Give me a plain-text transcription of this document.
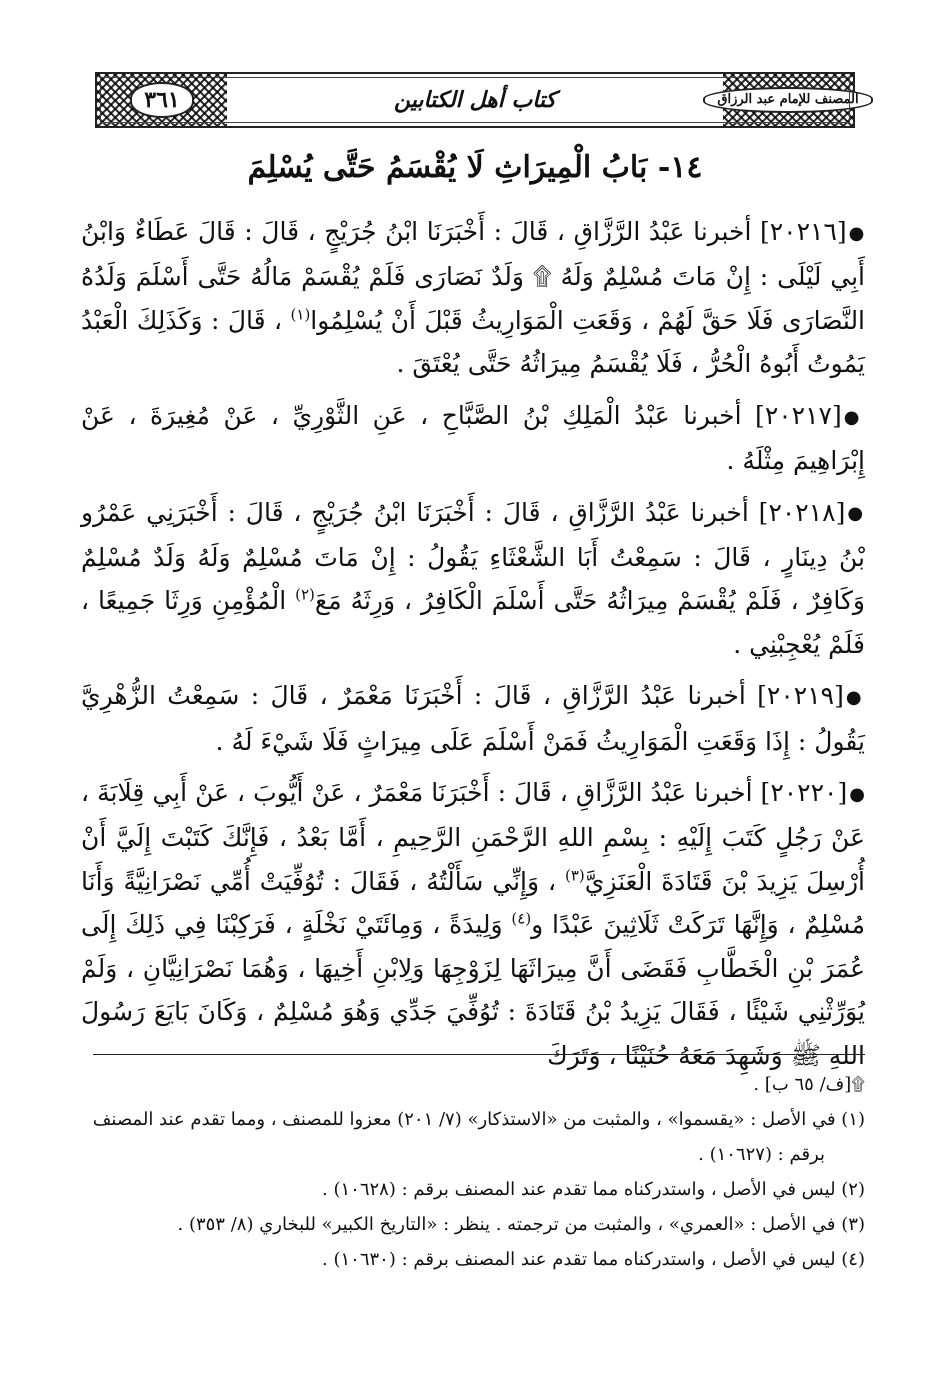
المصنف للإمام عبد الرزاق
كتاب أهل الكتابين
٣٦١
١٤- بَابُ الْمِيرَاثِ لَا يُقْسَمُ حَتَّى يُسْلِمَ

●[٢٠٢١٦] أخبرنا عَبْدُ الرَّزَّاقِ ، قَالَ : أَخْبَرَنَا ابْنُ جُرَيْجٍ ، قَالَ : قَالَ عَطَاءٌ وَابْنُ أَبِي لَيْلَى : إِنْ مَاتَ مُسْلِمٌ وَلَهُ ۩ وَلَدٌ نَصَارَى فَلَمْ يُقْسَمْ مَالُهُ حَتَّى أَسْلَمَ وَلَدُهُ النَّصَارَى فَلَا حَقَّ لَهُمْ ، وَقَعَتِ الْمَوَارِيثُ قَبْلَ أَنْ يُسْلِمُوا$^{(١)}$ ، قَالَ : وَكَذَلِكَ الْعَبْدُ يَمُوتُ أَبُوهُ الْحُرُّ ، فَلَا يُقْسَمُ مِيرَاثُهُ حَتَّى يُعْتَقَ .

●[٢٠٢١٧] أخبرنا عَبْدُ الْمَلِكِ بْنُ الصَّبَّاحِ ، عَنِ الثَّوْرِيِّ ، عَنْ مُغِيرَةَ ، عَنْ إِبْرَاهِيمَ مِثْلَهُ .

●[٢٠٢١٨] أخبرنا عَبْدُ الرَّزَّاقِ ، قَالَ : أَخْبَرَنَا ابْنُ جُرَيْجٍ ، قَالَ : أَخْبَرَنِي عَمْرُو بْنُ دِينَارٍ ، قَالَ : سَمِعْتُ أَبَا الشَّعْثَاءِ يَقُولُ : إِنْ مَاتَ مُسْلِمٌ وَلَهُ وَلَدٌ مُسْلِمٌ وَكَافِرٌ ، فَلَمْ يُقْسَمْ مِيرَاثُهُ حَتَّى أَسْلَمَ الْكَافِرُ ، وَرِثَهُ مَعَ$^{(٢)}$ الْمُؤْمِنِ وَرِثَا جَمِيعًا ، فَلَمْ يُعْجِبْنِي .

●[٢٠٢١٩] أخبرنا عَبْدُ الرَّزَّاقِ ، قَالَ : أَخْبَرَنَا مَعْمَرٌ ، قَالَ : سَمِعْتُ الزُّهْرِيَّ يَقُولُ : إِذَا وَقَعَتِ الْمَوَارِيثُ فَمَنْ أَسْلَمَ عَلَى مِيرَاثٍ فَلَا شَيْءَ لَهُ .

●[٢٠٢٢٠] أخبرنا عَبْدُ الرَّزَّاقِ ، قَالَ : أَخْبَرَنَا مَعْمَرٌ ، عَنْ أَيُّوبَ ، عَنْ أَبِي قِلَابَةَ ، عَنْ رَجُلٍ كَتَبَ إِلَيْهِ : بِسْمِ اللهِ الرَّحْمَنِ الرَّحِيمِ ، أَمَّا بَعْدُ ، فَإِنَّكَ كَتَبْتَ إِلَيَّ أَنْ أُرْسِلَ يَزِيدَ بْنَ قَتَادَةَ الْعَنَزِيَّ$^{(٣)}$ ، وَإِنِّي سَأَلْتُهُ ، فَقَالَ : تُوُفِّيَتْ أُمِّي نَصْرَانِيَّةً وَأَنَا مُسْلِمٌ ، وَإِنَّهَا تَرَكَتْ ثَلَاثِينَ عَبْدًا و$^{(٤)}$ وَلِيدَةً ، وَمِائَتَيْ نَخْلَةٍ ، فَرَكِبْنَا فِي ذَلِكَ إِلَى عُمَرَ بْنِ الْخَطَّابِ فَقَضَى أَنَّ مِيرَاثَهَا لِزَوْجِهَا وَلِابْنِ أَخِيهَا ، وَهُمَا نَصْرَانِيَّانِ ، وَلَمْ يُوَرِّثْنِي شَيْئًا ، فَقَالَ يَزِيدُ بْنُ قَتَادَةَ : تُوُفِّيَ جَدِّي وَهُوَ مُسْلِمٌ ، وَكَانَ بَايَعَ رَسُولَ اللهِ ﷺ وَشَهِدَ مَعَهُ حُنَيْنًا ، وَتَرَكَ

۩[ف/ ٦٥ ب] .

(١) في الأصل : «يقسموا» ، والمثبت من «الاستذكار» (٧/ ٢٠١) معزوا للمصنف ، ومما تقدم عند المصنف

برقم : (١٠٦٢٧) .

(٢) ليس في الأصل ، واستدركناه مما تقدم عند المصنف برقم : (١٠٦٢٨) .

(٣) في الأصل : «العمري» ، والمثبت من ترجمته . ينظر : «التاريخ الكبير» للبخاري (٨/ ٣٥٣) .

(٤) ليس في الأصل ، واستدركناه مما تقدم عند المصنف برقم : (١٠٦٣٠) .
